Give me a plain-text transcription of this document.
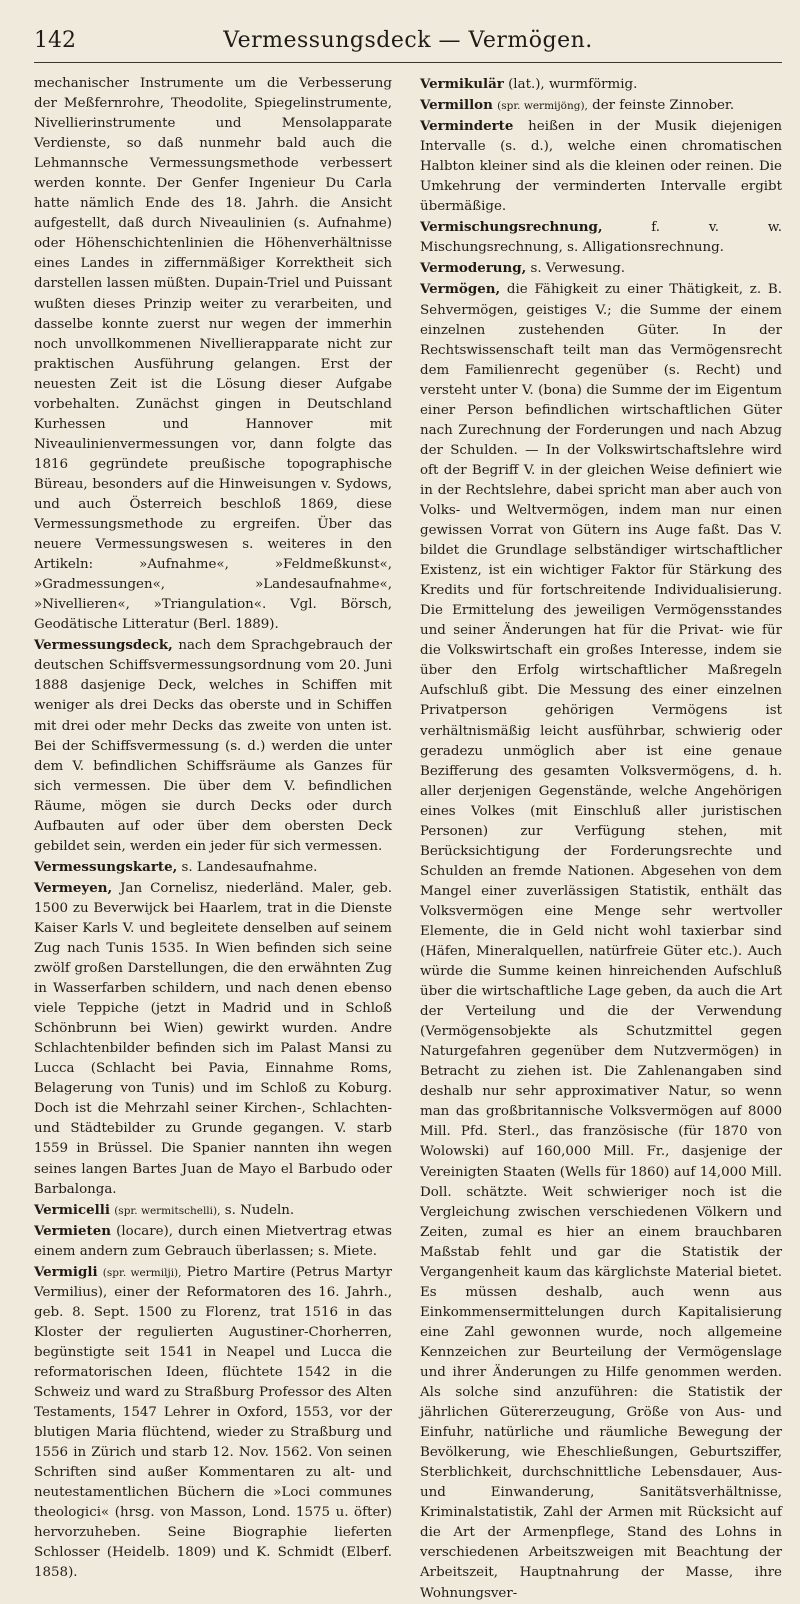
142	Vermessungsdeck — Vermögen.

mechanischer Instrumente um die Verbesserung der Meßfernrohre, Theodolite, Spiegelinstrumente, Nivellierinstrumente und Mensolapparate Verdienste, so daß nunmehr bald auch die Lehmannsche Vermessungsmethode verbessert werden konnte. Der Genfer Ingenieur Du Carla hatte nämlich Ende des 18. Jahrh. die Ansicht aufgestellt, daß durch Niveaulinien (s. Aufnahme) oder Höhenschichtenlinien die Höhenverhältnisse eines Landes in ziffernmäßiger Korrektheit sich darstellen lassen müßten. Dupain-Triel und Puissant wußten dieses Prinzip weiter zu verarbeiten, und dasselbe konnte zuerst nur wegen der immerhin noch unvollkommenen Nivellierapparate nicht zur praktischen Ausführung gelangen. Erst der neuesten Zeit ist die Lösung dieser Aufgabe vorbehalten. Zunächst gingen in Deutschland Kurhessen und Hannover mit Niveaulinienvermessungen vor, dann folgte das 1816 gegründete preußische topographische Büreau, besonders auf die Hinweisungen v. Sydows, und auch Österreich beschloß 1869, diese Vermessungsmethode zu ergreifen. Über das neuere Vermessungswesen s. weiteres in den Artikeln: »Aufnahme«, »Feldmeßkunst«, »Gradmessungen«, »Landesaufnahme«, »Nivellieren«, »Triangulation«. Vgl. Börsch, Geodätische Litteratur (Berl. 1889).

Vermessungsdeck, nach dem Sprachgebrauch der deutschen Schiffsvermessungsordnung vom 20. Juni 1888 dasjenige Deck, welches in Schiffen mit weniger als drei Decks das oberste und in Schiffen mit drei oder mehr Decks das zweite von unten ist. Bei der Schiffsvermessung (s. d.) werden die unter dem V. befindlichen Schiffsräume als Ganzes für sich vermessen. Die über dem V. befindlichen Räume, mögen sie durch Decks oder durch Aufbauten auf oder über dem obersten Deck gebildet sein, werden ein jeder für sich vermessen.

Vermessungskarte, s. Landesaufnahme.

Vermeyen, Jan Cornelisz, niederländ. Maler, geb. 1500 zu Beverwijck bei Haarlem, trat in die Dienste Kaiser Karls V. und begleitete denselben auf seinem Zug nach Tunis 1535. In Wien befinden sich seine zwölf großen Darstellungen, die den erwähnten Zug in Wasserfarben schildern, und nach denen ebenso viele Teppiche (jetzt in Madrid und in Schloß Schönbrunn bei Wien) gewirkt wurden. Andre Schlachtenbilder befinden sich im Palast Mansi zu Lucca (Schlacht bei Pavia, Einnahme Roms, Belagerung von Tunis) und im Schloß zu Koburg. Doch ist die Mehrzahl seiner Kirchen-, Schlachten- und Städtebilder zu Grunde gegangen. V. starb 1559 in Brüssel. Die Spanier nannten ihn wegen seines langen Bartes Juan de Mayo el Barbudo oder Barbalonga.

Vermicelli (spr. wermitschelli), s. Nudeln.

Vermieten (locare), durch einen Mietvertrag etwas einem andern zum Gebrauch überlassen; s. Miete.

Vermigli (spr. wermilji), Pietro Martire (Petrus Martyr Vermilius), einer der Reformatoren des 16. Jahrh., geb. 8. Sept. 1500 zu Florenz, trat 1516 in das Kloster der regulierten Augustiner-Chorherren, begünstigte seit 1541 in Neapel und Lucca die reformatorischen Ideen, flüchtete 1542 in die Schweiz und ward zu Straßburg Professor des Alten Testaments, 1547 Lehrer in Oxford, 1553, vor der blutigen Maria flüchtend, wieder zu Straßburg und 1556 in Zürich und starb 12. Nov. 1562. Von seinen Schriften sind außer Kommentaren zu alt- und neutestamentlichen Büchern die »Loci communes theologici« (hrsg. von Masson, Lond. 1575 u. öfter) hervorzuheben. Seine Biographie lieferten Schlosser (Heidelb. 1809) und K. Schmidt (Elberf. 1858).

Vermikulär (lat.), wurmförmig.

Vermillon (spr. wermijöng), der feinste Zinnober.

Verminderte heißen in der Musik diejenigen Intervalle (s. d.), welche einen chromatischen Halbton kleiner sind als die kleinen oder reinen. Die Umkehrung der verminderten Intervalle ergibt übermäßige.

Vermischungsrechnung, f. v. w. Mischungsrechnung, s. Alligationsrechnung.

Vermoderung, s. Verwesung.

Vermögen, die Fähigkeit zu einer Thätigkeit, z. B. Sehvermögen, geistiges V.; die Summe der einem einzelnen zustehenden Güter. In der Rechtswissenschaft teilt man das Vermögensrecht dem Familienrecht gegenüber (s. Recht) und versteht unter V. (bona) die Summe der im Eigentum einer Person befindlichen wirtschaftlichen Güter nach Zurechnung der Forderungen und nach Abzug der Schulden. — In der Volkswirtschaftslehre wird oft der Begriff V. in der gleichen Weise definiert wie in der Rechtslehre, dabei spricht man aber auch von Volks- und Weltvermögen, indem man nur einen gewissen Vorrat von Gütern ins Auge faßt. Das V. bildet die Grundlage selbständiger wirtschaftlicher Existenz, ist ein wichtiger Faktor für Stärkung des Kredits und für fortschreitende Individualisierung. Die Ermittelung des jeweiligen Vermögensstandes und seiner Änderungen hat für die Privat- wie für die Volkswirtschaft ein großes Interesse, indem sie über den Erfolg wirtschaftlicher Maßregeln Aufschluß gibt. Die Messung des einer einzelnen Privatperson gehörigen Vermögens ist verhältnismäßig leicht ausführbar, schwierig oder geradezu unmöglich aber ist eine genaue Bezifferung des gesamten Volksvermögens, d. h. aller derjenigen Gegenstände, welche Angehörigen eines Volkes (mit Einschluß aller juristischen Personen) zur Verfügung stehen, mit Berücksichtigung der Forderungsrechte und Schulden an fremde Nationen. Abgesehen von dem Mangel einer zuverlässigen Statistik, enthält das Volksvermögen eine Menge sehr wertvoller Elemente, die in Geld nicht wohl taxierbar sind (Häfen, Mineralquellen, natürfreie Güter etc.). Auch würde die Summe keinen hinreichenden Aufschluß über die wirtschaftliche Lage geben, da auch die Art der Verteilung und die der Verwendung (Vermögensobjekte als Schutzmittel gegen Naturgefahren gegenüber dem Nutzvermögen) in Betracht zu ziehen ist. Die Zahlenangaben sind deshalb nur sehr approximativer Natur, so wenn man das großbritannische Volksvermögen auf 8000 Mill. Pfd. Sterl., das französische (für 1870 von Wolowski) auf 160,000 Mill. Fr., dasjenige der Vereinigten Staaten (Wells für 1860) auf 14,000 Mill. Doll. schätzte. Weit schwieriger noch ist die Vergleichung zwischen verschiedenen Völkern und Zeiten, zumal es hier an einem brauchbaren Maßstab fehlt und gar die Statistik der Vergangenheit kaum das kärglichste Material bietet. Es müssen deshalb, auch wenn aus Einkommensermittelungen durch Kapitalisierung eine Zahl gewonnen wurde, noch allgemeine Kennzeichen zur Beurteilung der Vermögenslage und ihrer Änderungen zu Hilfe genommen werden. Als solche sind anzuführen: die Statistik der jährlichen Gütererzeugung, Größe von Aus- und Einfuhr, natürliche und räumliche Bewegung der Bevölkerung, wie Eheschließungen, Geburtsziffer, Sterblichkeit, durchschnittliche Lebensdauer, Aus- und Einwanderung, Sanitätsverhältnisse, Kriminalstatistik, Zahl der Armen mit Rücksicht auf die Art der Armenpflege, Stand des Lohns in verschiedenen Arbeitszweigen mit Beachtung der Arbeitszeit, Hauptnahrung der Masse, ihre Wohnungsver-
